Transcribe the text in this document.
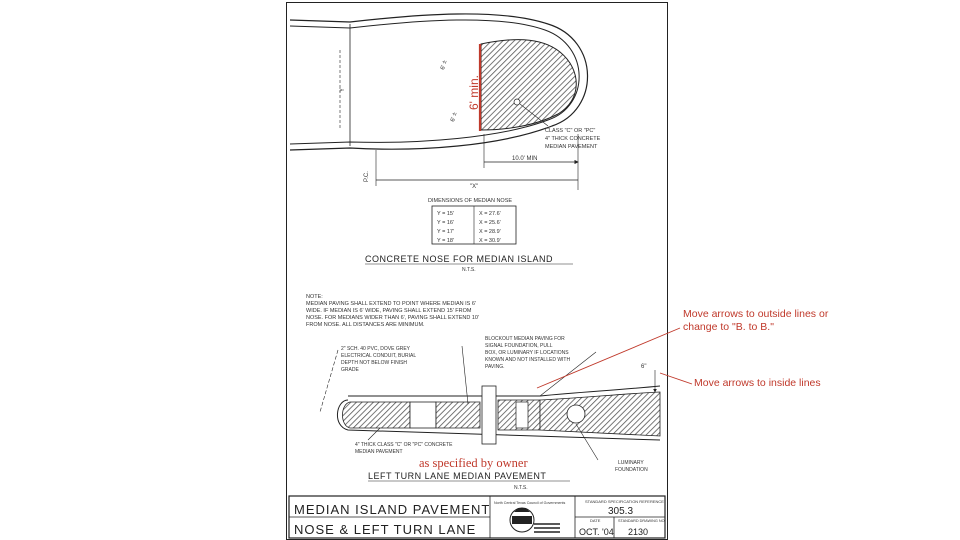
6' min.
6' ±
6' ±
Y
P.C.
10.0' MIN
"X"
CLASS "C" OR "PC"
4" THICK CONCRETE
MEDIAN PAVEMENT
DIMENSIONS OF MEDIAN NOSE
Y = 15'	X = 27.6'
Y = 16'	X = 25.6'
Y = 17'	X = 28.9'
Y = 18'	X = 30.9'
CONCRETE NOSE FOR MEDIAN ISLAND
N.T.S.
NOTE:
MEDIAN PAVING SHALL EXTEND TO POINT WHERE MEDIAN IS 6'
WIDE. IF MEDIAN IS 6' WIDE, PAVING SHALL EXTEND 15' FROM
NOSE. FOR MEDIANS WIDER THAN 6', PAVING SHALL EXTEND 10'
FROM NOSE. ALL DISTANCES ARE MINIMUM.
2" SCH. 40 PVC, DOVE GREY
ELECTRICAL CONDUIT, BURIAL
DEPTH NOT BELOW FINISH
GRADE
BLOCKOUT MEDIAN PAVING FOR
SIGNAL FOUNDATION, PULL
BOX, OR LUMINARY IF LOCATIONS
KNOWN AND NOT INSTALLED WITH
PAVING.	6"
4" THICK CLASS "C" OR "PC" CONCRETE
MEDIAN PAVEMENT
LUMINARY
FOUNDATION
LEFT TURN LANE MEDIAN PAVEMENT
N.T.S.
MEDIAN ISLAND PAVEMENT
NOSE & LEFT TURN LANE
North Central Texas Council of Governments	STANDARD SPECIFICATION REFERENCE
305.3
DATE
OCT. '04
STANDARD DRAWING NO.
2130
Move arrows to outside lines or change to "B. to B."
Move arrows to inside lines
as specified by owner
